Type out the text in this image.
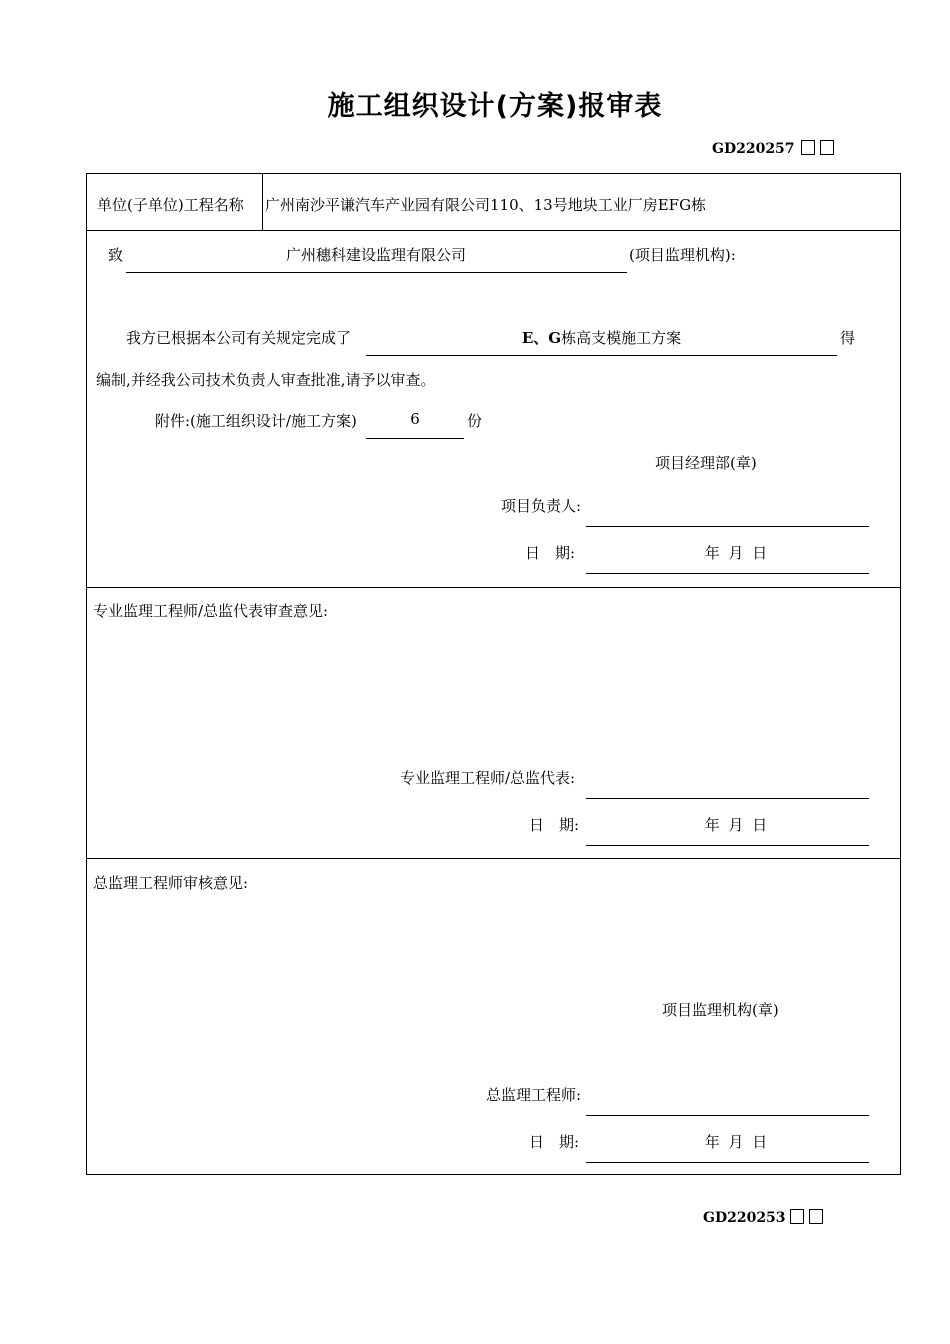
施工组织设计(方案)报审表
GD220257
单位(子单位)工程名称 广州南沙平谦汽车产业园有限公司110、13号地块工业厂房EFG栋
致	广州穗科建设监理有限公司	(项目监理机构):
我方已根据本公司有关规定完成了	E、G栋高支模施工方案	得
编制,并经我公司技术负责人审查批准,请予以审查。
附件:(施工组织设计/施工方案)	6	份
项目经理部(章)
项目负责人:
日　期:	年 月 日
专业监理工程师/总监代表审查意见:
专业监理工程师/总监代表:
日　期:	年 月 日
总监理工程师审核意见:
项目监理机构(章)
总监理工程师:
日　期:	年 月 日
GD220253
